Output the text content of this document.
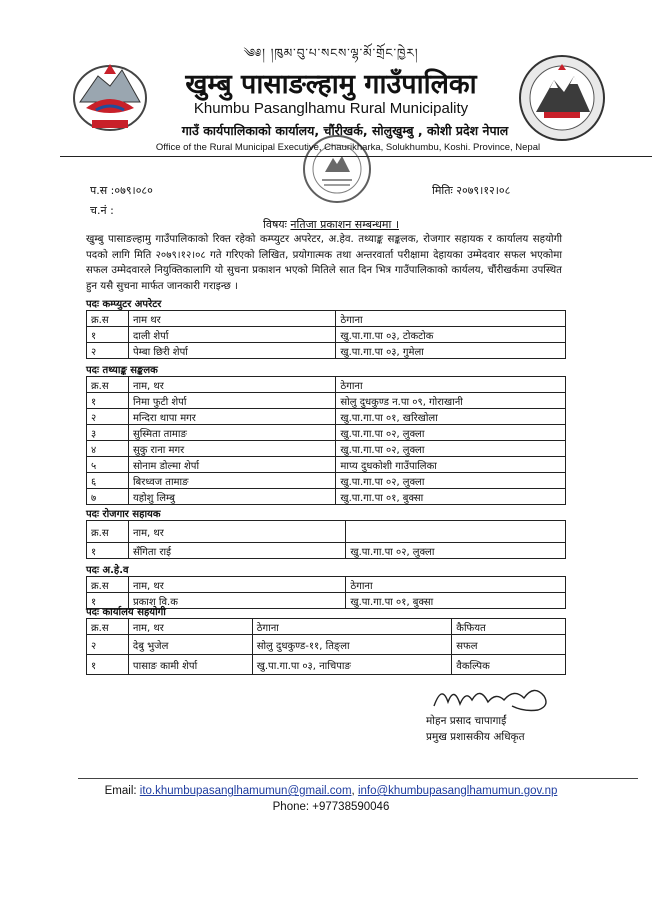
༄༅། །ཁུམ་བུ་པ་སངས་ལྷ་མོ་གྲོང་ཁྱེར།
खुम्बु पासाङल्हामु गाउँपालिका
Khumbu Pasanglhamu Rural Municipality
गाउँ कार्यपालिकाको कार्यालय, चौंरीखर्क, सोलुखुम्बु , कोशी प्रदेश नेपाल
Office of the Rural Municipal Executive, Chaurikharka, Solukhumbu, Koshi. Province, Nepal
प.स :०७९।०८०
च.नं :
मितिः २०७९।१२।०८
विषयः नतिजा प्रकाशन सम्बन्धमा ।
खुम्बु पासाङल्हामु गाउँपालिकाको रिक्त रहेको कम्प्युटर अपरेटर, अ.हेव. तथ्याङ्क सङ्कलक, रोजगार सहायक र कार्यालय सहयोगी पदको लागि मिति २०७९।१२।०८ गते गरिएको लिखित, प्रयोगात्मक तथा अन्तरवार्ता परीक्षामा देहायका उम्मेदवार सफल भएकोमा सफल उम्मेदवारले नियुक्तिकालागि यो सुचना प्रकाशन भएको मितिले सात दिन भित्र गाउँपालिकाको कार्यलय, चौंरीखर्कमा उपस्थित हुन यसै सुचना मार्फत जानकारी गराइन्छ ।
पदः कम्प्युटर अपरेटर
क्र.स	नाम थर	ठेगाना
१	दाली शेर्पा	खु.पा.गा.पा ०३, टोकटोक
२	पेम्बा छिरी शेर्पा	खु.पा.गा.पा ०३, गुमेला
पदः तथ्याङ्क सङ्कलक
क्र.स	नाम, थर	ठेगाना
१	निमा फुटी शेर्पा	सोलु दुधकुण्ड न.पा ०९, गोराखानी
२	मन्दिरा थापा मगर	खु.पा.गा.पा ०१, खरिखोला
३	सुस्मिता तामाङ	खु.पा.गा.पा ०२, लुक्ला
४	सुकु राना मगर	खु.पा.गा.पा ०२, लुक्ला
५	सोनाम डोल्मा शेर्पा	माप्य दुधकोशी गाउँपालिका
६	बिरध्वज तामाङ	खु.पा.गा.पा ०२, लुक्ला
७	यहोशु लिम्बु	खु.पा.गा.पा ०१, बुक्सा
पदः रोजगार सहायक
क्र.स	नाम, थर	
१	सँगिता राई	खु.पा.गा.पा ०२, लुक्ला
पदः अ.हे.व
क्र.स	नाम, थर	ठेगाना
१	प्रकाश वि.क	खु.पा.गा.पा ०१, बुक्सा
पदः कार्यालय सहयोगी
क्र.स	नाम, थर	ठेगाना	कैफियत
२	देबु भुजेल	सोलु दुधकुण्ड-११, तिङ्ला	सफल
१	पासाङ कामी शेर्पा	खु.पा.गा.पा ०३, नाचिपाङ	वैकल्पिक
मोहन प्रसाद चापागाईं
प्रमुख प्रशासकीय अधिकृत
Email: ito.khumbupasanglhamumun@gmail.com, info@khumbupasanglhamumun.gov.np
Phone: +97738590046
